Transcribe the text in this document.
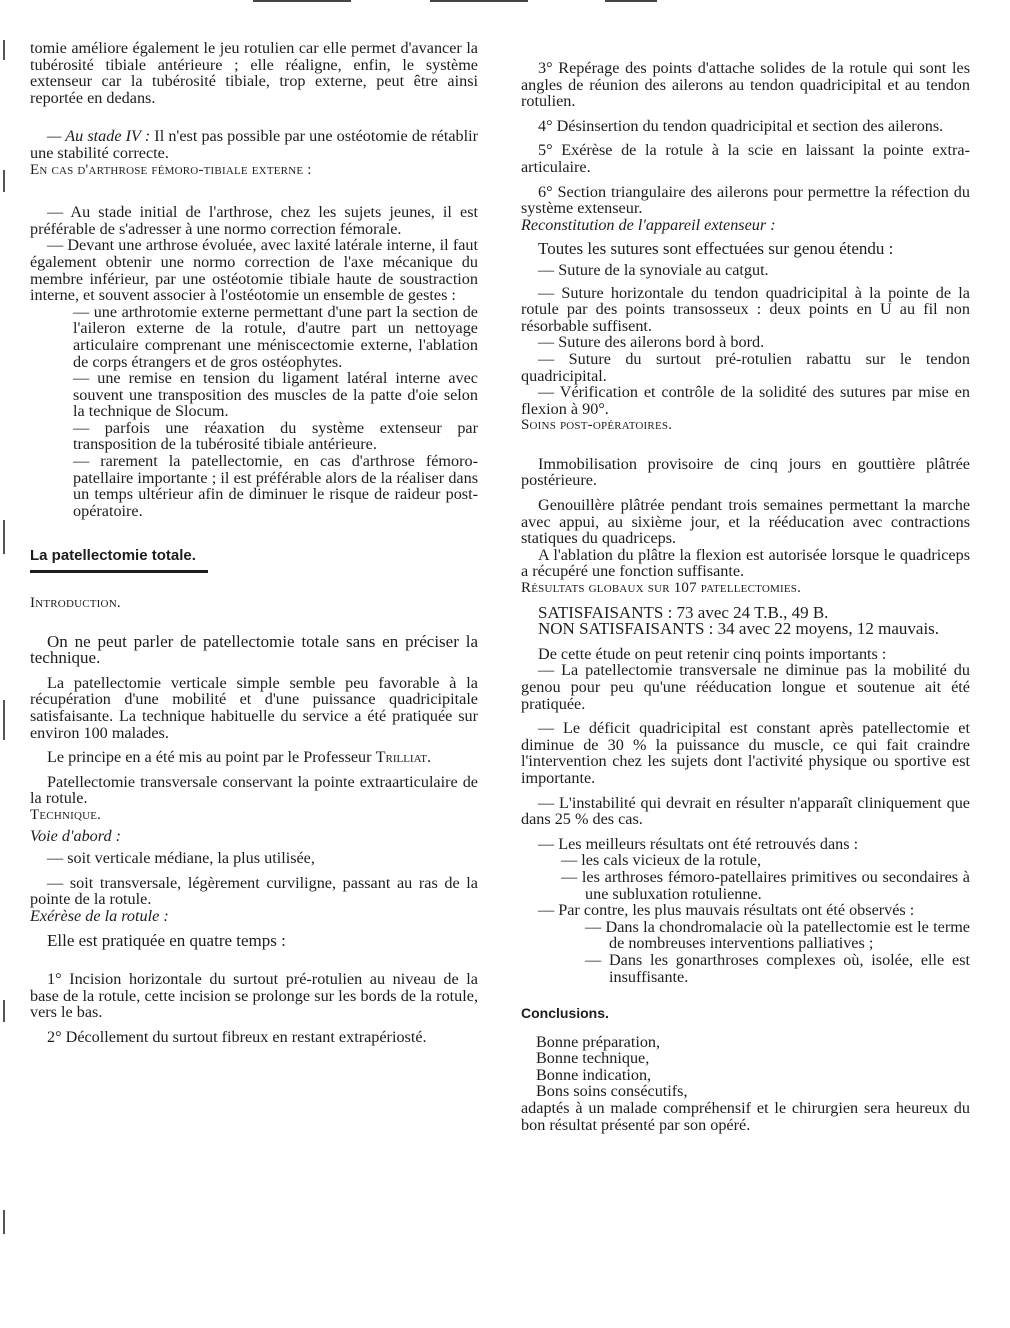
tomie améliore également le jeu rotulien car elle permet d'avancer la tubérosité tibiale antérieure ; elle réaligne, enfin, le système extenseur car la tubérosité tibiale, trop externe, peut être ainsi reportée en dedans.

— Au stade IV : Il n'est pas possible par une ostéotomie de rétablir une stabilité correcte.

En cas d'arthrose fémoro-tibiale externe :

— Au stade initial de l'arthrose, chez les sujets jeunes, il est préférable de s'adresser à une normo correction fémorale.

— Devant une arthrose évoluée, avec laxité latérale interne, il faut également obtenir une normo correction de l'axe mécanique du membre inférieur, par une ostéotomie tibiale haute de soustraction interne, et souvent associer à l'ostéotomie un ensemble de gestes :

— une arthrotomie externe permettant d'une part la section de l'aileron externe de la rotule, d'autre part un nettoyage articulaire comprenant une méniscectomie externe, l'ablation de corps étrangers et de gros ostéophytes.

— une remise en tension du ligament latéral interne avec souvent une transposition des muscles de la patte d'oie selon la technique de Slocum.

— parfois une réaxation du système extenseur par transposition de la tubérosité tibiale antérieure.

— rarement la patellectomie, en cas d'arthrose fémoro-patellaire importante ; il est préférable alors de la réaliser dans un temps ultérieur afin de diminuer le risque de raideur post-opératoire.

La patellectomie totale.

Introduction.

On ne peut parler de patellectomie totale sans en préciser la technique.

La patellectomie verticale simple semble peu favorable à la récupération d'une mobilité et d'une puissance quadricipitale satisfaisante. La technique habituelle du service a été pratiquée sur environ 100 malades.

Le principe en a été mis au point par le Professeur Trilliat.

Patellectomie transversale conservant la pointe extraarticulaire de la rotule.

Technique.

Voie d'abord :

— soit verticale médiane, la plus utilisée,

— soit transversale, légèrement curviligne, passant au ras de la pointe de la rotule.

Exérèse de la rotule :

Elle est pratiquée en quatre temps :

1° Incision horizontale du surtout pré-rotulien au niveau de la base de la rotule, cette incision se prolonge sur les bords de la rotule, vers le bas.

2° Décollement du surtout fibreux en restant extrapériosté.

3° Repérage des points d'attache solides de la rotule qui sont les angles de réunion des ailerons au tendon quadricipital et au tendon rotulien.

4° Désinsertion du tendon quadricipital et section des ailerons.

5° Exérèse de la rotule à la scie en laissant la pointe extra-articulaire.

6° Section triangulaire des ailerons pour permettre la réfection du système extenseur.

Reconstitution de l'appareil extenseur :

Toutes les sutures sont effectuées sur genou étendu :

— Suture de la synoviale au catgut.

— Suture horizontale du tendon quadricipital à la pointe de la rotule par des points transosseux : deux points en U au fil non résorbable suffisent.

— Suture des ailerons bord à bord.

— Suture du surtout pré-rotulien rabattu sur le tendon quadricipital.

— Vérification et contrôle de la solidité des sutures par mise en flexion à 90°.

Soins post-opératoires.

Immobilisation provisoire de cinq jours en gouttière plâtrée postérieure.

Genouillère plâtrée pendant trois semaines permettant la marche avec appui, au sixième jour, et la rééducation avec contractions statiques du quadriceps.

A l'ablation du plâtre la flexion est autorisée lorsque le quadriceps a récupéré une fonction suffisante.

Résultats globaux sur 107 patellectomies.

SATISFAISANTS : 73 avec 24 T.B., 49 B.

NON SATISFAISANTS : 34 avec 22 moyens, 12 mauvais.

De cette étude on peut retenir cinq points importants :

— La patellectomie transversale ne diminue pas la mobilité du genou pour peu qu'une rééducation longue et soutenue ait été pratiquée.

— Le déficit quadricipital est constant après patellectomie et diminue de 30 % la puissance du muscle, ce qui fait craindre l'intervention chez les sujets dont l'activité physique ou sportive est importante.

— L'instabilité qui devrait en résulter n'apparaît cliniquement que dans 25 % des cas.

— Les meilleurs résultats ont été retrouvés dans :

— les cals vicieux de la rotule,

— les arthroses fémoro-patellaires primitives ou secondaires à une subluxation rotulienne.

— Par contre, les plus mauvais résultats ont été observés :

— Dans la chondromalacie où la patellectomie est le terme de nombreuses interventions palliatives ;

— Dans les gonarthroses complexes où, isolée, elle est insuffisante.

Conclusions.

Bonne préparation,

Bonne technique,

Bonne indication,

Bons soins consécutifs,

adaptés à un malade compréhensif et le chirurgien sera heureux du bon résultat présenté par son opéré.
